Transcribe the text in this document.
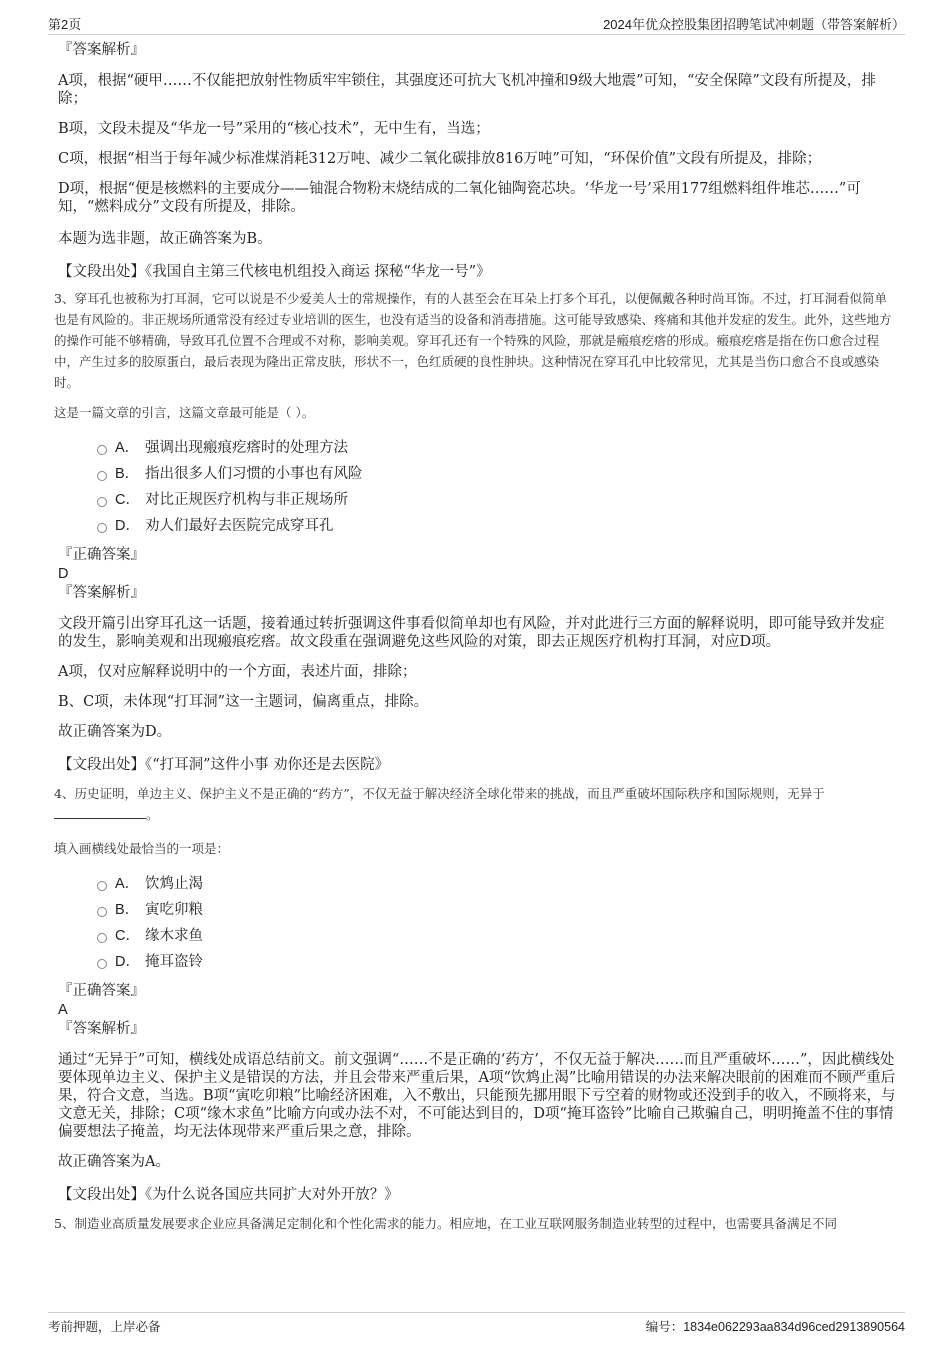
第2页	2024年优众控股集团招聘笔试冲刺题（带答案解析）

『答案解析』

A项，根据“硬甲……不仅能把放射性物质牢牢锁住，其强度还可抗大飞机冲撞和9级大地震”可知，“安全保障”文段有所提及，排除；

B项，文段未提及“华龙一号”采用的“核心技术”，无中生有，当选；

C项，根据“相当于每年减少标准煤消耗312万吨、减少二氧化碳排放816万吨”可知，“环保价值”文段有所提及，排除；

D项，根据“便是核燃料的主要成分——铀混合物粉末烧结成的二氧化铀陶瓷芯块。‘华龙一号’采用177组燃料组件堆芯……”可知，“燃料成分”文段有所提及，排除。

本题为选非题，故正确答案为B。

【文段出处】《我国自主第三代核电机组投入商运 探秘“华龙一号”》

3、穿耳孔也被称为打耳洞，它可以说是不少爱美人士的常规操作，有的人甚至会在耳朵上打多个耳孔，以便佩戴各种时尚耳饰。不过，打耳洞看似简单也是有风险的。非正规场所通常没有经过专业培训的医生，也没有适当的设备和消毒措施。这可能导致感染、疼痛和其他并发症的发生。此外，这些地方的操作可能不够精确，导致耳孔位置不合理或不对称，影响美观。穿耳孔还有一个特殊的风险，那就是瘢痕疙瘩的形成。瘢痕疙瘩是指在伤口愈合过程中，产生过多的胶原蛋白，最后表现为隆出正常皮肤，形状不一，色红质硬的良性肿块。这种情况在穿耳孔中比较常见，尤其是当伤口愈合不良或感染时。

这是一篇文章的引言，这篇文章最可能是（ ）。

A． 强调出现瘢痕疙瘩时的处理方法
B． 指出很多人们习惯的小事也有风险
C． 对比正规医疗机构与非正规场所
D． 劝人们最好去医院完成穿耳孔

『正确答案』

D

『答案解析』

文段开篇引出穿耳孔这一话题，接着通过转折强调这件事看似简单却也有风险，并对此进行三方面的解释说明，即可能导致并发症的发生，影响美观和出现瘢痕疙瘩。故文段重在强调避免这些风险的对策，即去正规医疗机构打耳洞，对应D项。

A项，仅对应解释说明中的一个方面，表述片面，排除；

B、C项，未体现“打耳洞”这一主题词，偏离重点，排除。

故正确答案为D。

【文段出处】《“打耳洞”这件小事 劝你还是去医院》

4、历史证明，单边主义、保护主义不是正确的“药方”，不仅无益于解决经济全球化带来的挑战，而且严重破坏国际秩序和国际规则，无异于
。

填入画横线处最恰当的一项是：

A． 饮鸩止渴
B． 寅吃卯粮
C． 缘木求鱼
D． 掩耳盗铃

『正确答案』

A

『答案解析』

通过“无异于”可知，横线处成语总结前文。前文强调“……不是正确的‘药方’，不仅无益于解决……而且严重破坏……”，因此横线处要体现单边主义、保护主义是错误的方法，并且会带来严重后果，A项“饮鸩止渴”比喻用错误的办法来解决眼前的困难而不顾严重后果，符合文意，当选。B项“寅吃卯粮”比喻经济困难，入不敷出，只能预先挪用眼下亏空着的财物或还没到手的收入，不顾将来，与文意无关，排除；C项“缘木求鱼”比喻方向或办法不对，不可能达到目的，D项“掩耳盗铃”比喻自己欺骗自己，明明掩盖不住的事情偏要想法子掩盖，均无法体现带来严重后果之意，排除。

故正确答案为A。

【文段出处】《为什么说各国应共同扩大对外开放？》

5、制造业高质量发展要求企业应具备满足定制化和个性化需求的能力。相应地，在工业互联网服务制造业转型的过程中，也需要具备满足不同

考前押题，上岸必备	编号：1834e062293aa834d96ced2913890564
